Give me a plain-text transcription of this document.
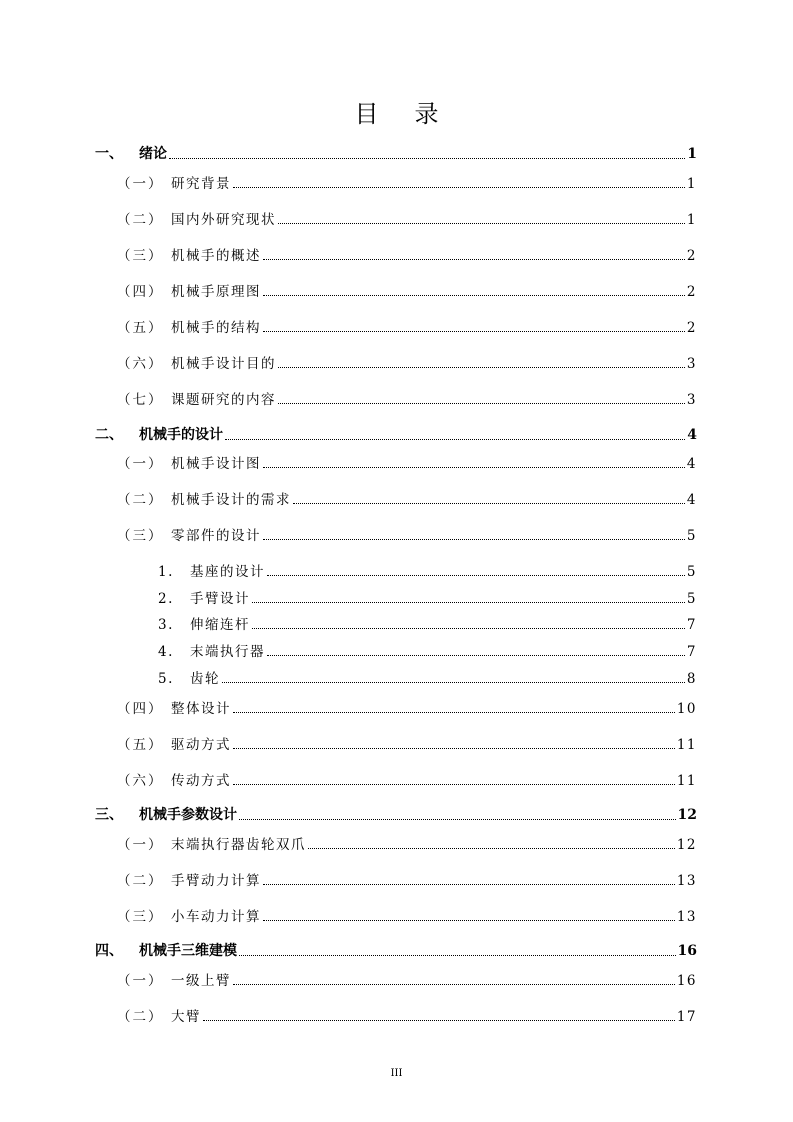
目 录
一、	绪论	1
（一） 研究背景	1
（二） 国内外研究现状	1
（三） 机械手的概述	2
（四） 机械手原理图	2
（五） 机械手的结构	2
（六） 机械手设计目的	3
（七） 课题研究的内容	3
二、	机械手的设计	4
（一） 机械手设计图	4
（二） 机械手设计的需求	4
（三） 零部件的设计	5
1.	基座的设计	5
2.	手臂设计	5
3.	伸缩连杆	7
4.	末端执行器	7
5.	齿轮	8
（四） 整体设计	10
（五） 驱动方式	11
（六） 传动方式	11
三、	机械手参数设计	12
（一） 末端执行器齿轮双爪	12
（二） 手臂动力计算	13
（三） 小车动力计算	13
四、	机械手三维建模	16
（一） 一级上臂	16
（二） 大臂	17
III
